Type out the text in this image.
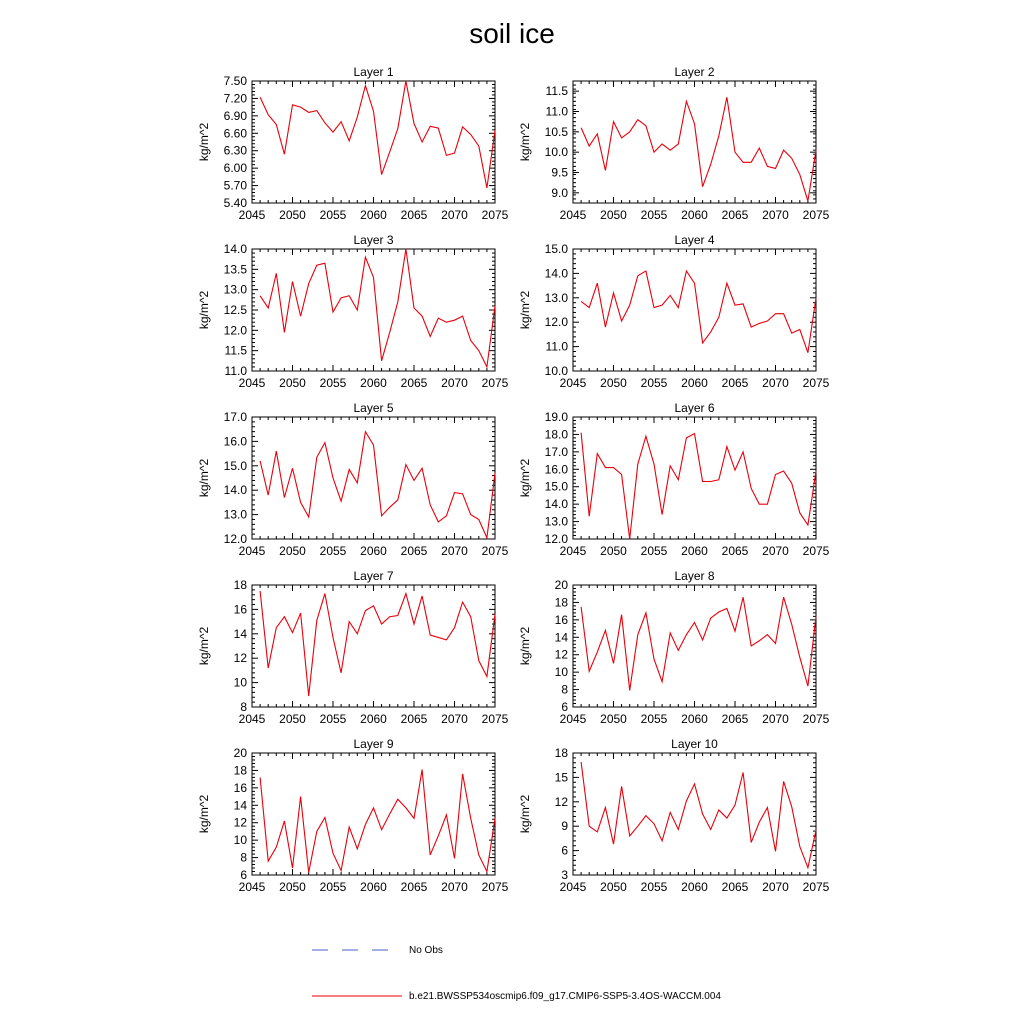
soil ice
Layer 1
kg/m^2
2045 2050 2055 2060 2065 2070 2075
5.40
5.70
6.00
6.30
6.60
6.90
7.20
7.50
Layer 2
kg/m^2
2045 2050 2055 2060 2065 2070 2075
9.0
9.5
10.0
10.5
11.0
11.5
Layer 3
kg/m^2
2045 2050 2055 2060 2065 2070 2075
11.0
11.5
12.0
12.5
13.0
13.5
14.0
Layer 4
kg/m^2
2045 2050 2055 2060 2065 2070 2075
10.0
11.0
12.0
13.0
14.0
15.0
Layer 5
kg/m^2
2045 2050 2055 2060 2065 2070 2075
12.0
13.0
14.0
15.0
16.0
17.0
Layer 6
kg/m^2
2045 2050 2055 2060 2065 2070 2075
12.0
13.0
14.0
15.0
16.0
17.0
18.0
19.0
Layer 7
kg/m^2
2045 2050 2055 2060 2065 2070 2075
8
10
12
14
16
18
Layer 8
kg/m^2
2045 2050 2055 2060 2065 2070 2075
6
8
10
12
14
16
18
20
Layer 9
kg/m^2
2045 2050 2055 2060 2065 2070 2075
6
8
10
12
14
16
18
20
Layer 10
kg/m^2
2045 2050 2055 2060 2065 2070 2075
3
6
9
12
15
18
No Obs
b.e21.BWSSP534oscmip6.f09_g17.CMIP6-SSP5-3.4OS-WACCM.004
